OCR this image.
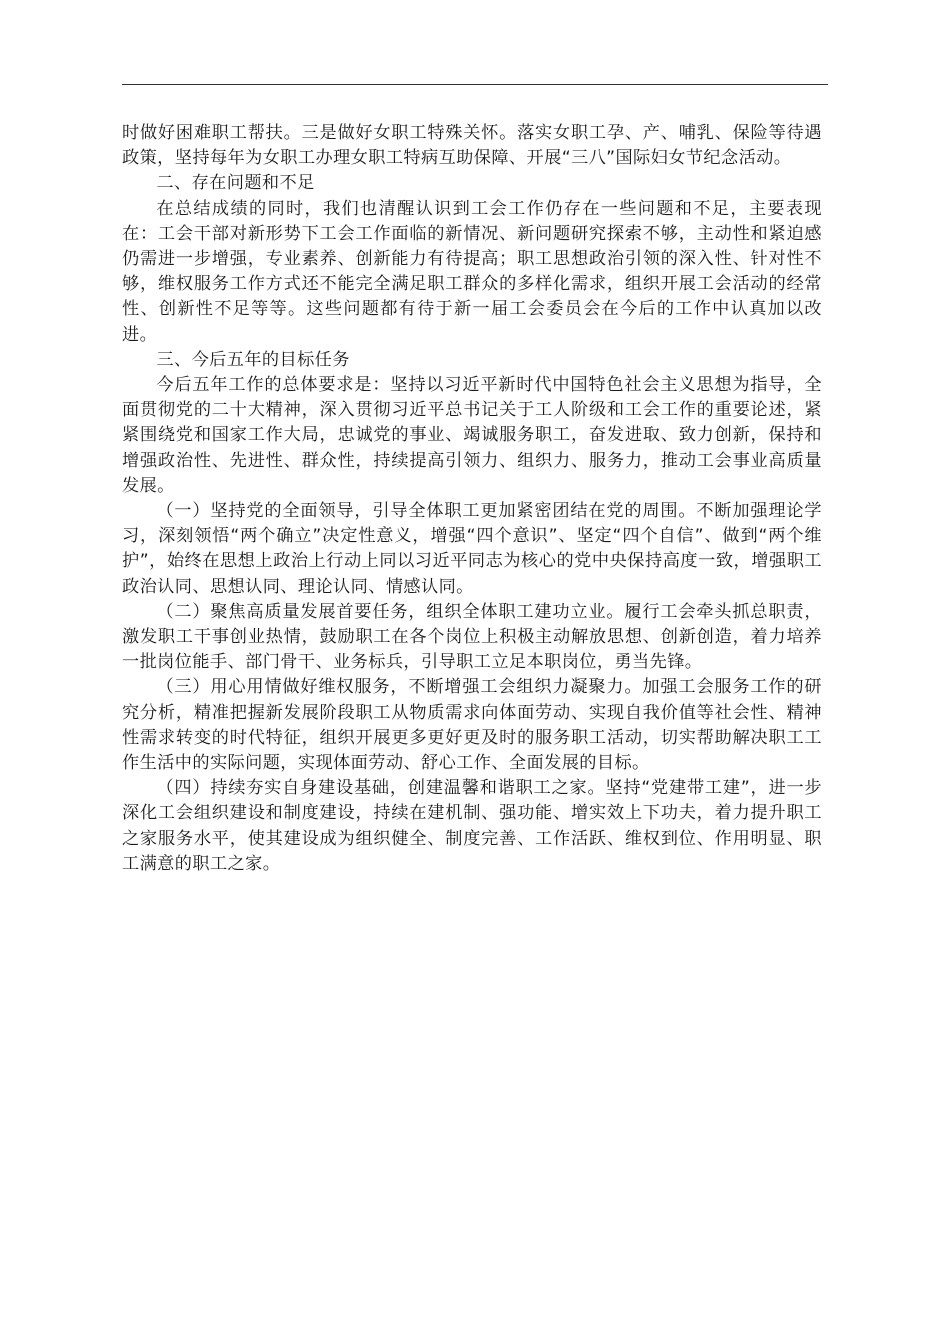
时做好困难职工帮扶。三是做好女职工特殊关怀。落实女职工孕、产、哺乳、保险等待遇政策，坚持每年为女职工办理女职工特病互助保障、开展“三八”国际妇女节纪念活动。

二、存在问题和不足

在总结成绩的同时，我们也清醒认识到工会工作仍存在一些问题和不足，主要表现在：工会干部对新形势下工会工作面临的新情况、新问题研究探索不够，主动性和紧迫感仍需进一步增强，专业素养、创新能力有待提高；职工思想政治引领的深入性、针对性不够，维权服务工作方式还不能完全满足职工群众的多样化需求，组织开展工会活动的经常性、创新性不足等等。这些问题都有待于新一届工会委员会在今后的工作中认真加以改进。

三、今后五年的目标任务

今后五年工作的总体要求是：坚持以习近平新时代中国特色社会主义思想为指导，全面贯彻党的二十大精神，深入贯彻习近平总书记关于工人阶级和工会工作的重要论述，紧紧围绕党和国家工作大局，忠诚党的事业、竭诚服务职工，奋发进取、致力创新，保持和增强政治性、先进性、群众性，持续提高引领力、组织力、服务力，推动工会事业高质量发展。

（一）坚持党的全面领导，引导全体职工更加紧密团结在党的周围。不断加强理论学习，深刻领悟“两个确立”决定性意义，增强“四个意识”、坚定“四个自信”、做到“两个维护”，始终在思想上政治上行动上同以习近平同志为核心的党中央保持高度一致，增强职工政治认同、思想认同、理论认同、情感认同。

（二）聚焦高质量发展首要任务，组织全体职工建功立业。履行工会牵头抓总职责，激发职工干事创业热情，鼓励职工在各个岗位上积极主动解放思想、创新创造，着力培养一批岗位能手、部门骨干、业务标兵，引导职工立足本职岗位，勇当先锋。

（三）用心用情做好维权服务，不断增强工会组织力凝聚力。加强工会服务工作的研究分析，精准把握新发展阶段职工从物质需求向体面劳动、实现自我价值等社会性、精神性需求转变的时代特征，组织开展更多更好更及时的服务职工活动，切实帮助解决职工工作生活中的实际问题，实现体面劳动、舒心工作、全面发展的目标。

（四）持续夯实自身建设基础，创建温馨和谐职工之家。坚持“党建带工建”，进一步深化工会组织建设和制度建设，持续在建机制、强功能、增实效上下功夫，着力提升职工之家服务水平，使其建设成为组织健全、制度完善、工作活跃、维权到位、作用明显、职工满意的职工之家。
